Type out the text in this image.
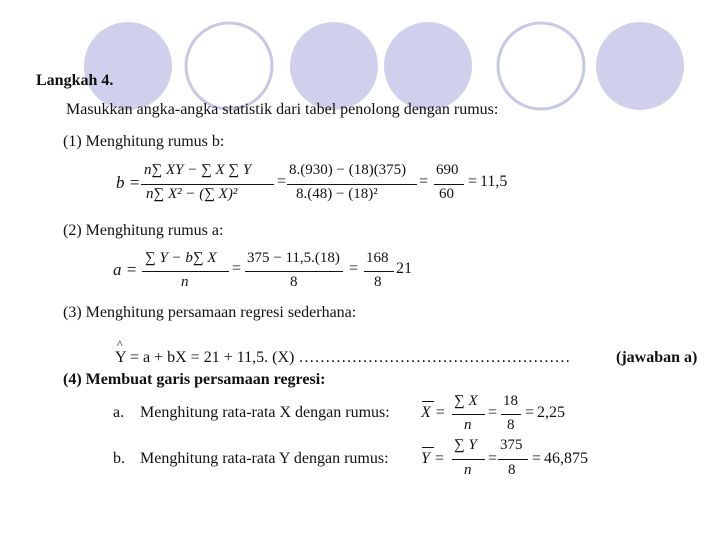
Langkah 4.
Masukkan angka-angka statistik dari tabel penolong dengan rumus:
(1) Menghitung rumus b:
b =
n∑ XY − ∑ X ∑ Y
n∑ X² − (∑ X)²
=
8.(930) − (18)(375)
8.(48) − (18)²
=
690
60
= 11,5
(2) Menghitung rumus a:
a =
∑ Y − b∑ X
n
=
375 − 11,5.(18)
8
=
168
8
21
(3) Menghitung persamaan regresi sederhana:
^
Y = a + bX = 21 + 11,5. (X) ……………………………………………	(jawaban a)
(4) Membuat garis persamaan regresi:
a. Menghitung rata-rata X dengan rumus: X =
∑ X
n
=
18
8
= 2,25
b. Menghitung rata-rata Y dengan rumus: Y =
∑ Y
n
=
375
8
= 46,875
